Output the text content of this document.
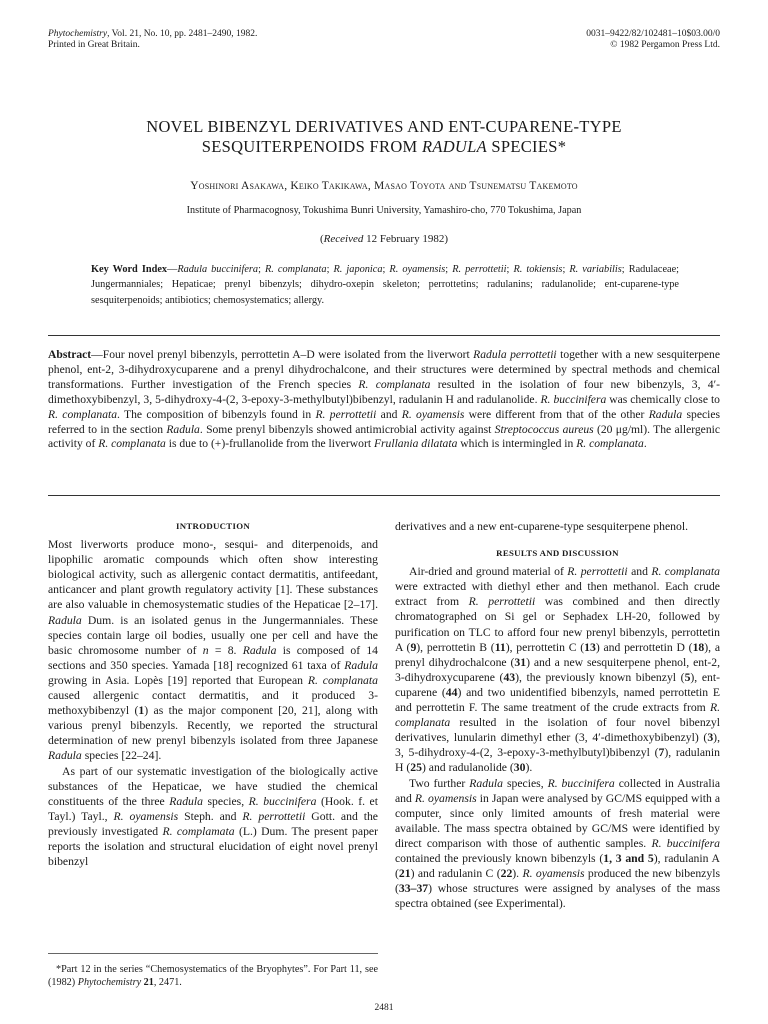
Phytochemistry, Vol. 21, No. 10, pp. 2481–2490, 1982.
Printed in Great Britain.
0031–9422/82/102481–10$03.00/0
© 1982 Pergamon Press Ltd.
NOVEL BIBENZYL DERIVATIVES AND ENT-CUPARENE-TYPE
SESQUITERPENOIDS FROM RADULA SPECIES*
Yoshinori Asakawa, Keiko Takikawa, Masao Toyota and Tsunematsu Takemoto
Institute of Pharmacognosy, Tokushima Bunri University, Yamashiro-cho, 770 Tokushima, Japan
(Received 12 February 1982)
Key Word Index—Radula buccinifera; R. complanata; R. japonica; R. oyamensis; R. perrottetii; R. tokiensis; R. variabilis; Radulaceae; Jungermanniales; Hepaticae; prenyl bibenzyls; dihydro-oxepin skeleton; perrottetins; radulanins; radulanolide; ent-cuparene-type sesquiterpenoids; antibiotics; chemosystematics; allergy.
Abstract—Four novel prenyl bibenzyls, perrottetin A–D were isolated from the liverwort Radula perrottetii together with a new sesquiterpene phenol, ent-2, 3-dihydroxycuparene and a prenyl dihydrochalcone, and their structures were determined by spectral methods and chemical transformations. Further investigation of the French species R. complanata resulted in the isolation of four new bibenzyls, 3, 4′-dimethoxybibenzyl, 3, 5-dihydroxy-4-(2, 3-epoxy-3-methylbutyl)bibenzyl, radulanin H and radulanolide. R. buccinifera was chemically close to R. complanata. The composition of bibenzyls found in R. perrottetii and R. oyamensis were different from that of the other Radula species referred to in the section Radula. Some prenyl bibenzyls showed antimicrobial activity against Streptococcus aureus (20 μg/ml). The allergenic activity of R. complanata is due to (+)-frullanolide from the liverwort Frullania dilatata which is intermingled in R. complanata.
INTRODUCTION

Most liverworts produce mono-, sesqui- and diterpenoids, and lipophilic aromatic compounds which often show interesting biological activity, such as allergenic contact dermatitis, antifeedant, anticancer and plant growth regulatory activity [1]. These substances are also valuable in chemosystematic studies of the Hepaticae [2–17]. Radula Dum. is an isolated genus in the Jungermanniales. These species contain large oil bodies, usually one per cell and have the basic chromosome number of n = 8. Radula is composed of 14 sections and 350 species. Yamada [18] recognized 61 taxa of Radula growing in Asia. Lopès [19] reported that European R. complanata caused allergenic contact dermatitis, and it produced 3-methoxybibenzyl (1) as the major component [20, 21], along with various prenyl bibenzyls. Recently, we reported the structural determination of new prenyl bibenzyls isolated from three Japanese Radula species [22–24].

As part of our systematic investigation of the biologically active substances of the Hepaticae, we have studied the chemical constituents of the three Radula species, R. buccinifera (Hook. f. et Tayl.) Tayl., R. oyamensis Steph. and R. perrottetii Gott. and the previously investigated R. complamata (L.) Dum. The present paper reports the isolation and structural elucidation of eight novel prenyl bibenzyl

*Part 12 in the series “Chemosystematics of the Bryophytes”. For Part 11, see (1982) Phytochemistry 21, 2471.

derivatives and a new ent-cuparene-type sesquiterpene phenol.

RESULTS AND DISCUSSION

Air-dried and ground material of R. perrottetii and R. complanata were extracted with diethyl ether and then methanol. Each crude extract from R. perrottetii was combined and then directly chromatographed on Si gel or Sephadex LH-20, followed by purification on TLC to afford four new prenyl bibenzyls, perrottetin A (9), perrottetin B (11), perrottetin C (13) and perrottetin D (18), a prenyl dihydrochalcone (31) and a new sesquiterpene phenol, ent-2, 3-dihydroxycuparene (43), the previously known bibenzyl (5), ent-cuparene (44) and two unidentified bibenzyls, named perrottetin E and perrottetin F. The same treatment of the crude extracts from R. complanata resulted in the isolation of four novel bibenzyl derivatives, lunularin dimethyl ether (3, 4′-dimethoxybibenzyl) (3), 3, 5-dihydroxy-4-(2, 3-epoxy-3-methylbutyl)bibenzyl (7), radulanin H (25) and radulanolide (30).

Two further Radula species, R. buccinifera collected in Australia and R. oyamensis in Japan were analysed by GC/MS equipped with a computer, since only limited amounts of fresh material were available. The mass spectra obtained by GC/MS were identified by direct comparison with those of authentic samples. R. buccinifera contained the previously known bibenzyls (1, 3 and 5), radulanin A (21) and radulanin C (22). R. oyamensis produced the new bibenzyls (33–37) whose structures were assigned by analyses of the mass spectra obtained (see Experimental).

2481
